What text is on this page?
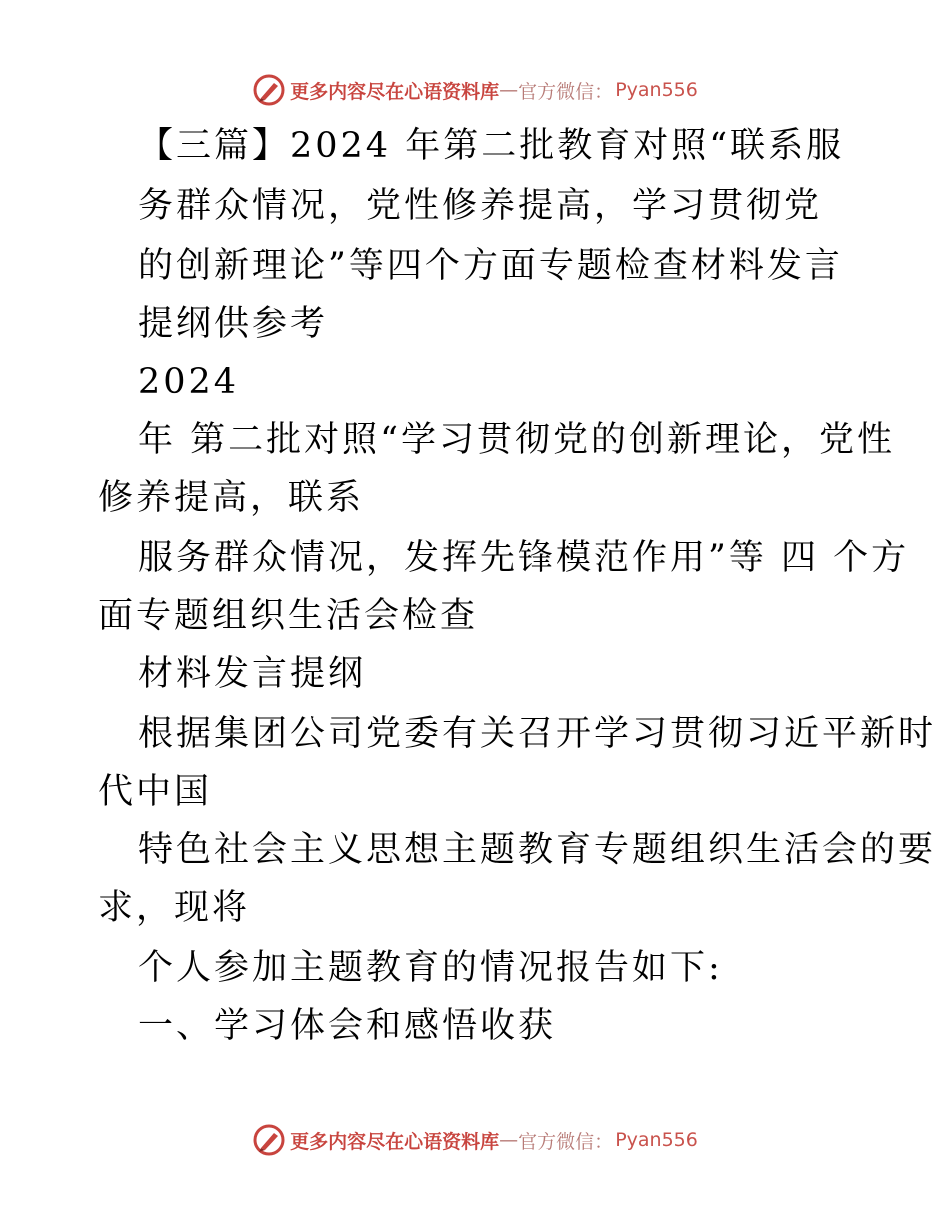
更多内容尽在心语资料库 — 官方微信： Pyan556
【三篇】2024 年第二批教育对照“联系服
务群众情况，党性修养提高，学习贯彻党
的创新理论”等四个方面专题检查材料发言
提纲供参考
2024
年 第二批对照“学习贯彻党的创新理论，党性
修养提高，联系
服务群众情况，发挥先锋模范作用”等 四 个方
面专题组织生活会检查
材料发言提纲
根据集团公司党委有关召开学习贯彻习近平新时
代中国
特色社会主义思想主题教育专题组织生活会的要
求，现将
个人参加主题教育的情况报告如下:
一、学习体会和感悟收获
更多内容尽在心语资料库 — 官方微信： Pyan556
